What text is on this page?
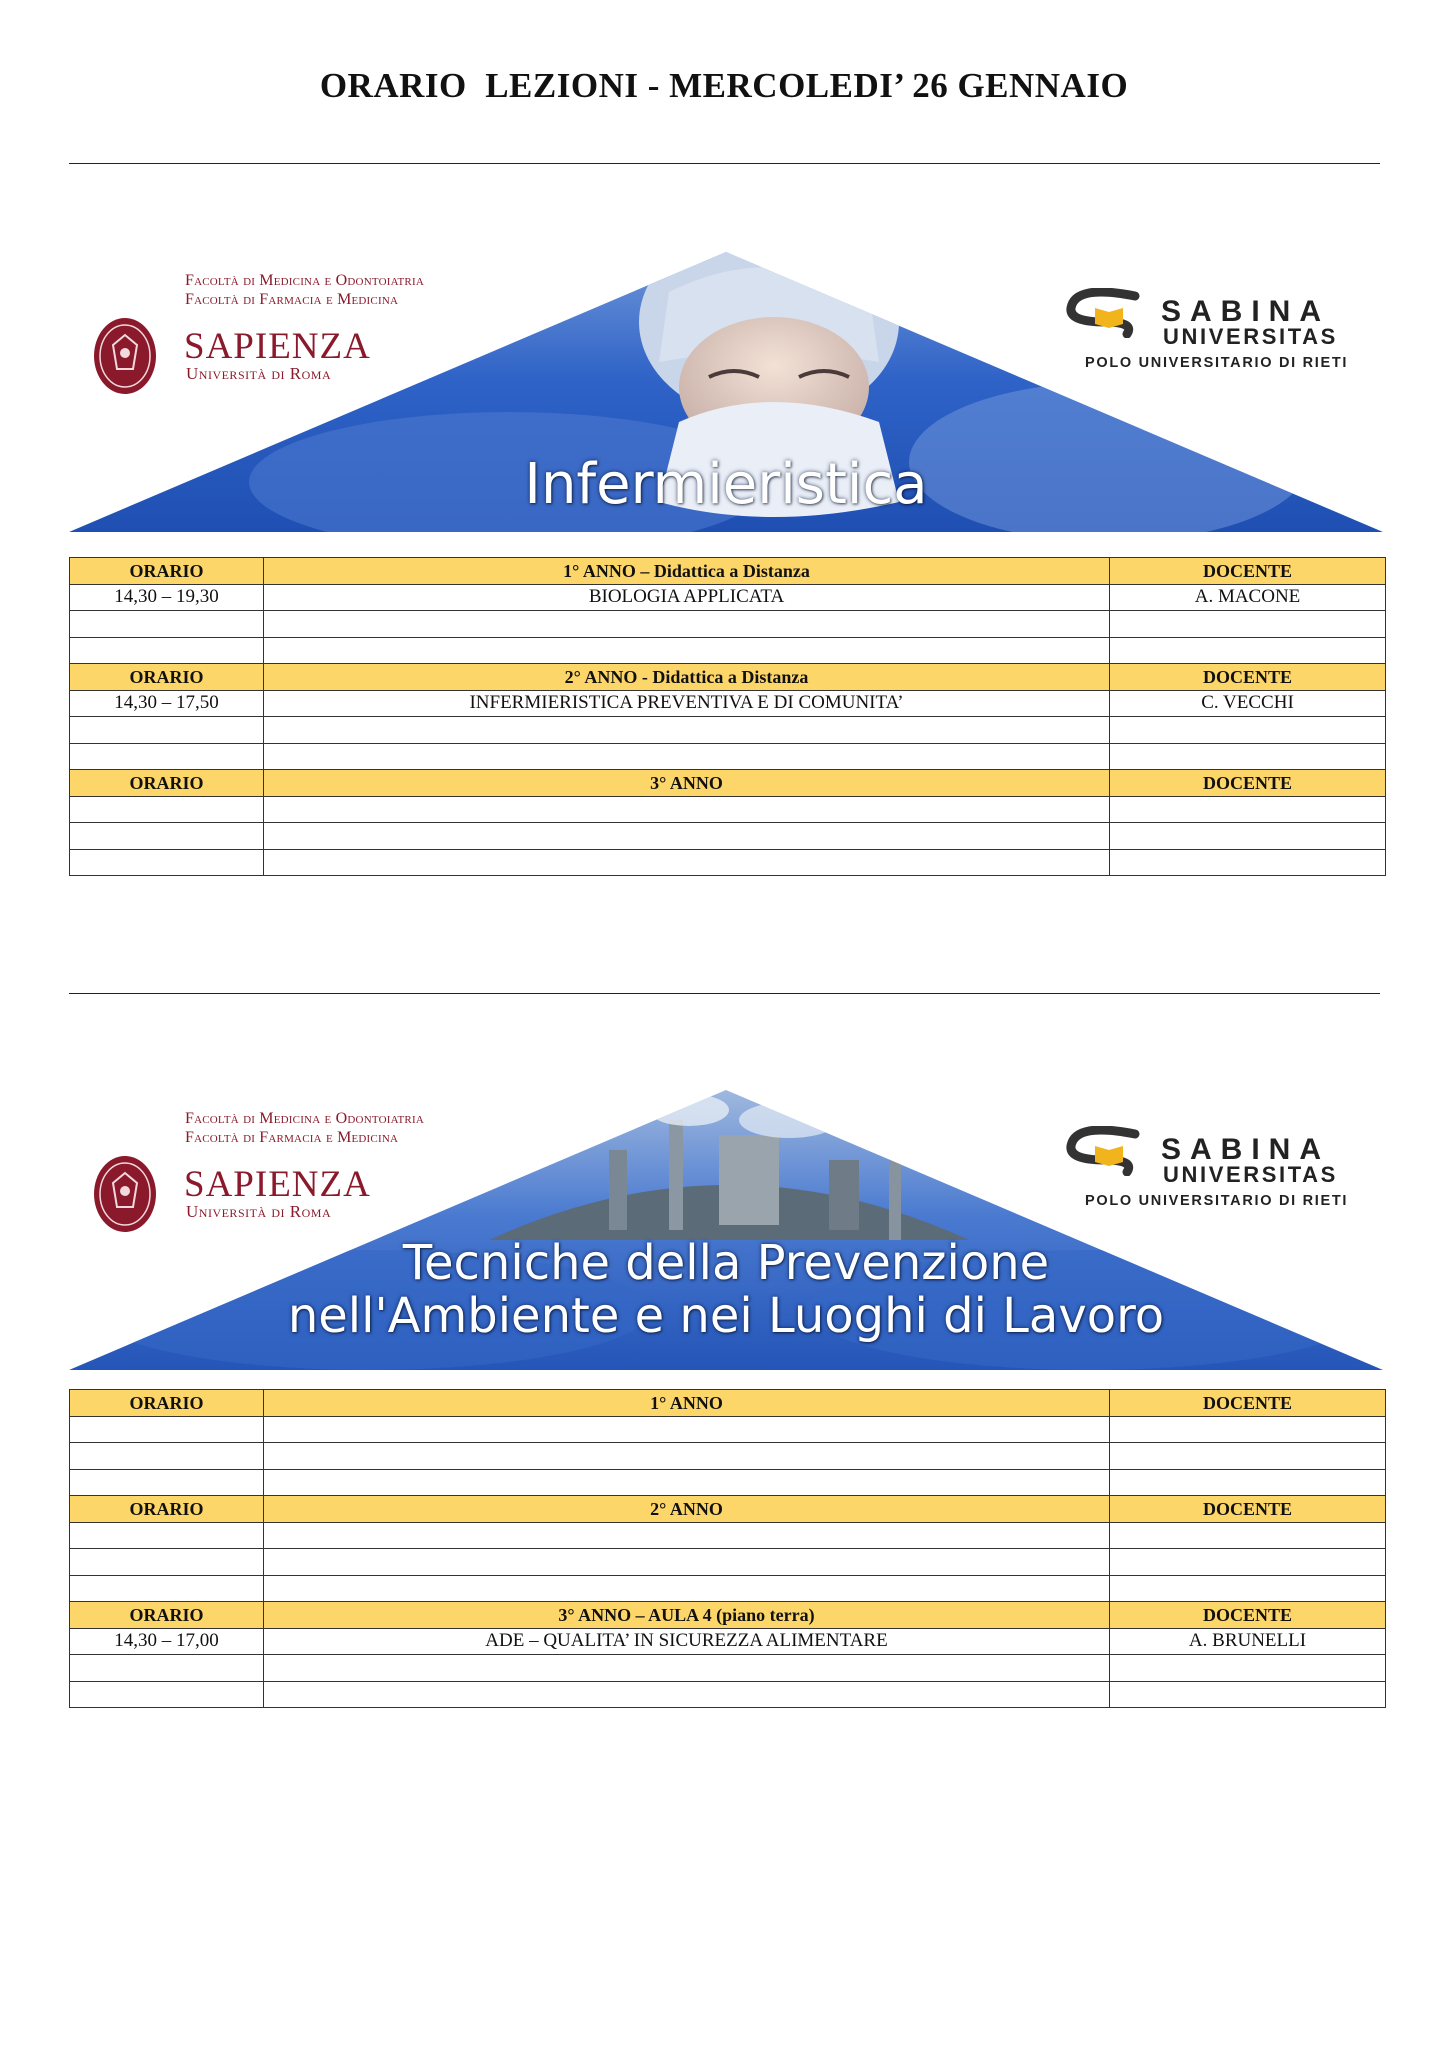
ORARIO  LEZIONI - MERCOLEDI’ 26 GENNAIO
Facoltà di Medicina e Odontoiatria
Facoltà di Farmacia e Medicina
SAPIENZA
Università di Roma
SABINA
UNIVERSITAS
POLO UNIVERSITARIO DI RIETI
Infermieristica
ORARIO	1° ANNO – Didattica a Distanza	DOCENTE
14,30 – 19,30	BIOLOGIA APPLICATA	A. MACONE

ORARIO	2° ANNO - Didattica a Distanza	DOCENTE
14,30 – 17,50	INFERMIERISTICA PREVENTIVA E DI COMUNITA’	C. VECCHI

ORARIO	3° ANNO	DOCENTE

Facoltà di Medicina e Odontoiatria
Facoltà di Farmacia e Medicina
SAPIENZA
Università di Roma
SABINA
UNIVERSITAS
POLO UNIVERSITARIO DI RIETI
Tecniche della Prevenzione
nell'Ambiente e nei Luoghi di Lavoro
ORARIO	1° ANNO	DOCENTE

ORARIO	2° ANNO	DOCENTE

ORARIO	3° ANNO – AULA 4 (piano terra)	DOCENTE
14,30 – 17,00	ADE – QUALITA’ IN SICUREZZA ALIMENTARE	A. BRUNELLI
